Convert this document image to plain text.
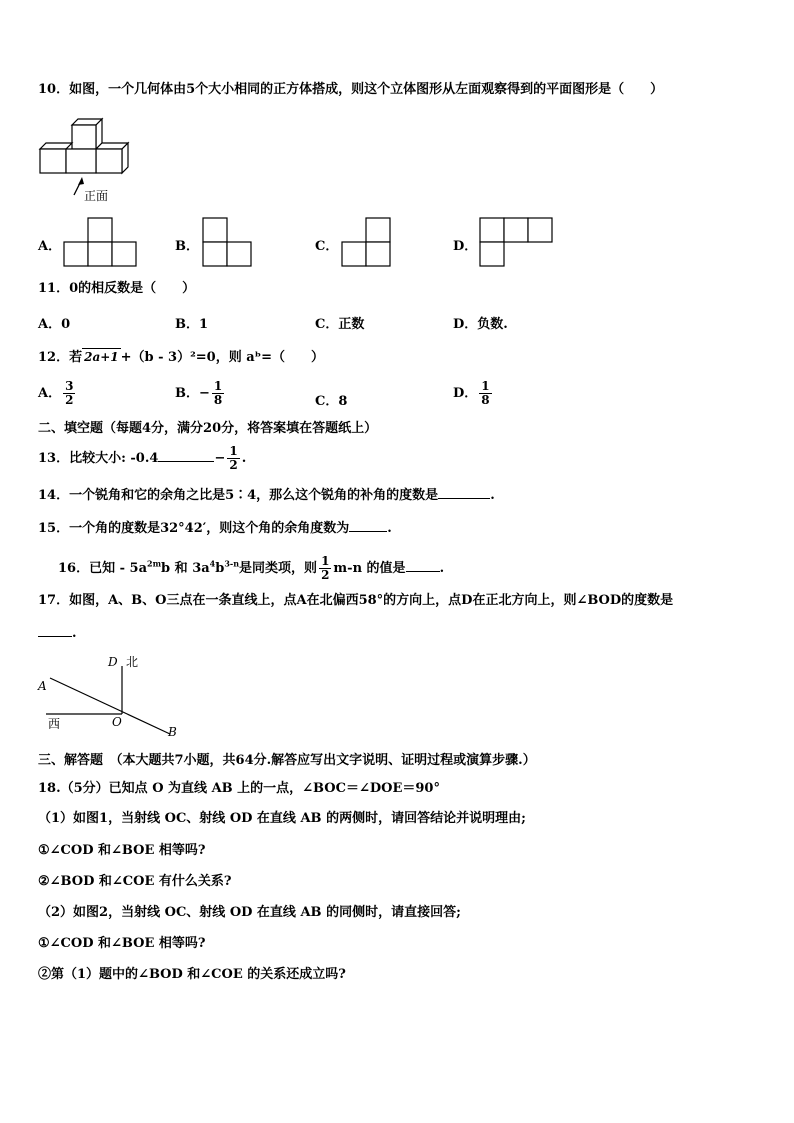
10．如图，一个几何体由5个大小相同的正方体搭成，则这个立体图形从左面观察得到的平面图形是（　　）
正面
A．	B．	C．	D．
11．0的相反数是（　　）
A．0	B．1	C．正数	D．负数.
12．若 2a+1 +（b - 3）²=0，则 aᵇ=（　　）
A． $\frac{3}{2}$	B．− $\frac{1}{8}$	C．8
D． $\frac{1}{8}$
二、填空题（每题4分，满分20分，将答案填在答题纸上）
13．比较大小: -0.4	− $\frac{1}{2}$ .
14．一个锐角和它的余角之比是5∶4，那么这个锐角的补角的度数是	.
15．一个角的度数是32°42′，则这个角的余角度数为	.
16．已知 - $5a^{2m}b$ 和 $3a^4b^{3-n}$是同类项，则 $\frac{1}{2} m-n$ 的值是	.
17．如图，A、B、O三点在一条直线上，点A在北偏西58°的方向上，点D在正北方向上，则∠BOD的度数是
.
A
B
O
D 北
西
三、解答题　（本大题共7小题，共64分.解答应写出文字说明、证明过程或演算步骤.）
18.（5分）已知点 O 为直线 AB 上的一点，∠BOC＝∠DOE＝90°
（1）如图1，当射线 OC、射线 OD 在直线 AB 的两侧时，请回答结论并说明理由;
①∠COD 和∠BOE 相等吗?
②∠BOD 和∠COE 有什么关系?
（2）如图2，当射线 OC、射线 OD 在直线 AB 的同侧时，请直接回答;
①∠COD 和∠BOE 相等吗?
②第（1）题中的∠BOD 和∠COE 的关系还成立吗?
